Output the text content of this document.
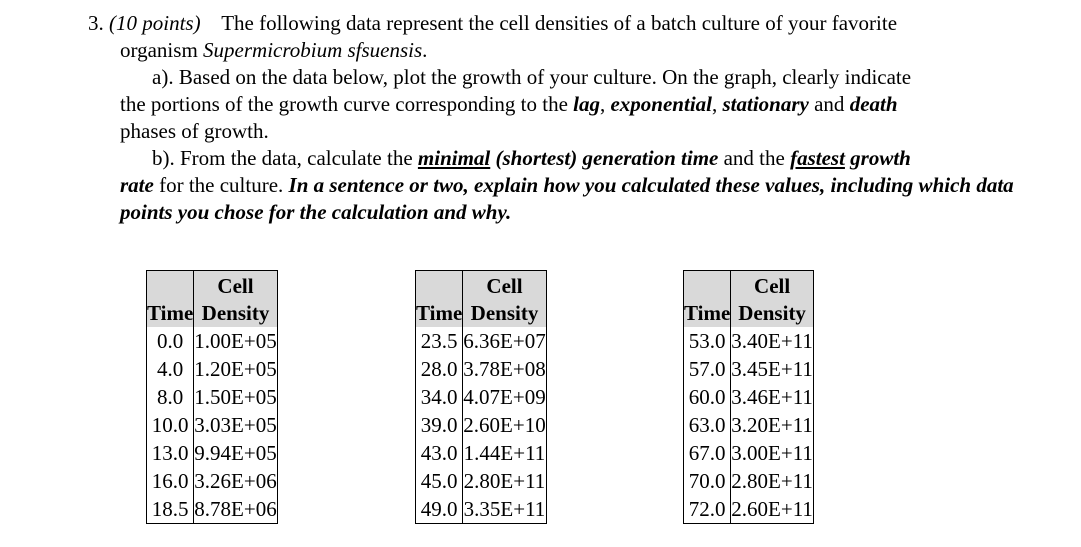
3. (10 points) The following data represent the cell densities of a batch culture of your favorite

organism Supermicrobium sfsuensis.

a). Based on the data below, plot the growth of your culture. On the graph, clearly indicate

the portions of the growth curve corresponding to the lag, exponential, stationary and death

phases of growth.

b). From the data, calculate the minimal (shortest) generation time and the fastest growth

rate for the culture. In a sentence or two, explain how you calculated these values, including which data points you chose for the calculation and why.

Time	Cell
Density
0.0	1.00E+05
4.0	1.20E+05
8.0	1.50E+05
10.0	3.03E+05
13.0	9.94E+05
16.0	3.26E+06
18.5	8.78E+06
Time	Cell Density
23.5	6.36E+07
28.0	3.78E+08
34.0	4.07E+09
39.0	2.60E+10
43.0	1.44E+11
45.0	2.80E+11
49.0	3.35E+11
Time	Cell Density
53.0	3.40E+11
57.0	3.45E+11
60.0	3.46E+11
63.0	3.20E+11
67.0	3.00E+11
70.0	2.80E+11
72.0	2.60E+11
